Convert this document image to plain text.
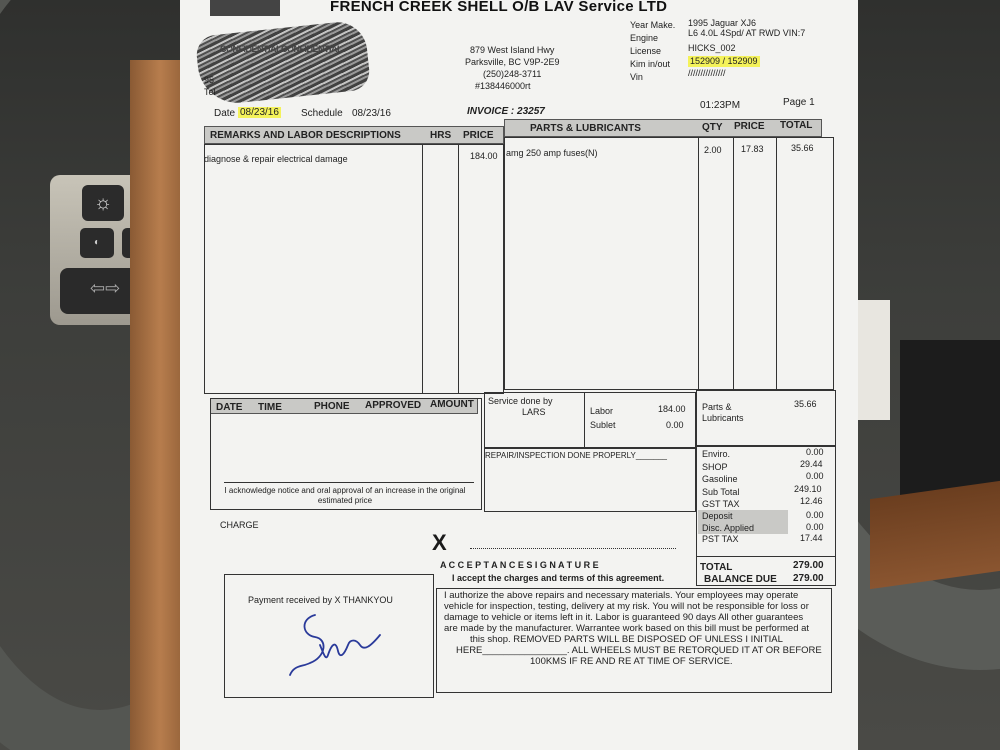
☼
◐
⇦⇨
FRENCH CREEK SHELL O/B LAV Service LTD
CONFIDENTIALCONFIDENTIAL
95
Tel
879 West Island Hwy
Parksville, BC V9P-2E9
(250)248-3711
#138446000rt
Year Make. 1995 Jaguar XJ6
Engine	L6 4.0L 4Spd/ AT RWD VIN:7
License	HICKS_002
Kim in/out 152909 / 152909
Vin	///////////////
Date 08/23/16 Schedule 08/23/16	INVOICE : 23257
01:23PM	Page 1
REMARKS AND LABOR DESCRIPTIONS	HRS PRICE
PARTS & LUBRICANTS	QTY PRICE TOTAL
diagnose & repair electrical damage	184.00 amg 250 amp fuses(N)	2.00 17.83	35.66
DATE TIME	PHONE APPROVED AMOUNT
I acknowledge notice and oral approval of an increase in the original estimated price
CHARGE
Service done by
LARS	Labor	184.00
Sublet	0.00
Parts & Lubricants
35.66
REPAIR/INSPECTION DONE PROPERLY_______	Enviro.	0.00
SHOP	29.44
Gasoline	0.00
Sub Total	249.10
GST TAX	12.46
Deposit	0.00
Disc. Applied	0.00
PST TAX	17.44
TOTAL	279.00
BALANCE DUE 279.00
X
A C C E P T A N C E S I G N A T U R E
I accept the charges and terms of this agreement.
Payment received by X THANKYOU	I authorize the above repairs and necessary materials. Your employees may operate
vehicle for inspection, testing, delivery at my risk. You will not be responsible for loss or
damage to vehicle or items left in it. Labor is guaranteed 90 days All other guarantees
are made by the manufacturer. Warrantee work based on this bill must be performed at
this shop. REMOVED PARTS WILL BE DISPOSED OF UNLESS I INITIAL
HERE________________. ALL WHEELS MUST BE RETORQUED IT AT OR BEFORE
100KMS IF RE AND RE AT TIME OF SERVICE.
